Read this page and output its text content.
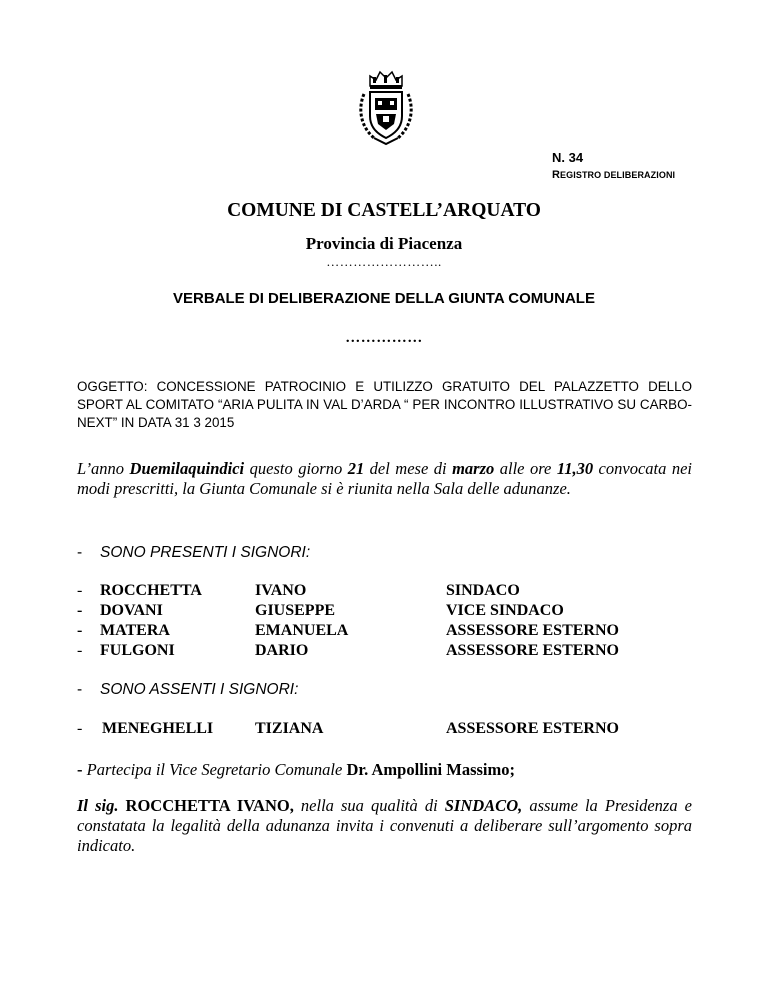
N. 34
REGISTRO DELIBERAZIONI
COMUNE DI CASTELL’ARQUATO
Provincia di Piacenza
……………………..
VERBALE DI DELIBERAZIONE DELLA GIUNTA COMUNALE
……………
OGGETTO: CONCESSIONE PATROCINIO E UTILIZZO GRATUITO DEL PALAZZETTO DELLO SPORT AL COMITATO “ARIA PULITA IN VAL D’ARDA “ PER INCONTRO ILLUSTRATIVO SU CARBO- NEXT” IN DATA 31 3 2015
L’anno Duemilaquindici questo giorno 21 del mese di marzo alle ore 11,30 convocata nei modi prescritti, la Giunta Comunale si è riunita nella Sala delle adunanze.
- SONO PRESENTI I SIGNORI:
- ROCCHETTA	IVANO	SINDACO
- DOVANI	GIUSEPPE	VICE SINDACO
- MATERA	EMANUELA	ASSESSORE ESTERNO
- FULGONI	DARIO	ASSESSORE ESTERNO
- SONO ASSENTI I SIGNORI:
- MENEGHELLI	TIZIANA	ASSESSORE ESTERNO
- Partecipa il Vice Segretario Comunale Dr. Ampollini Massimo;
Il sig. ROCCHETTA IVANO, nella sua qualità di SINDACO, assume la Presidenza e constatata la legalità della adunanza invita i convenuti a deliberare sull’argomento sopra indicato.
